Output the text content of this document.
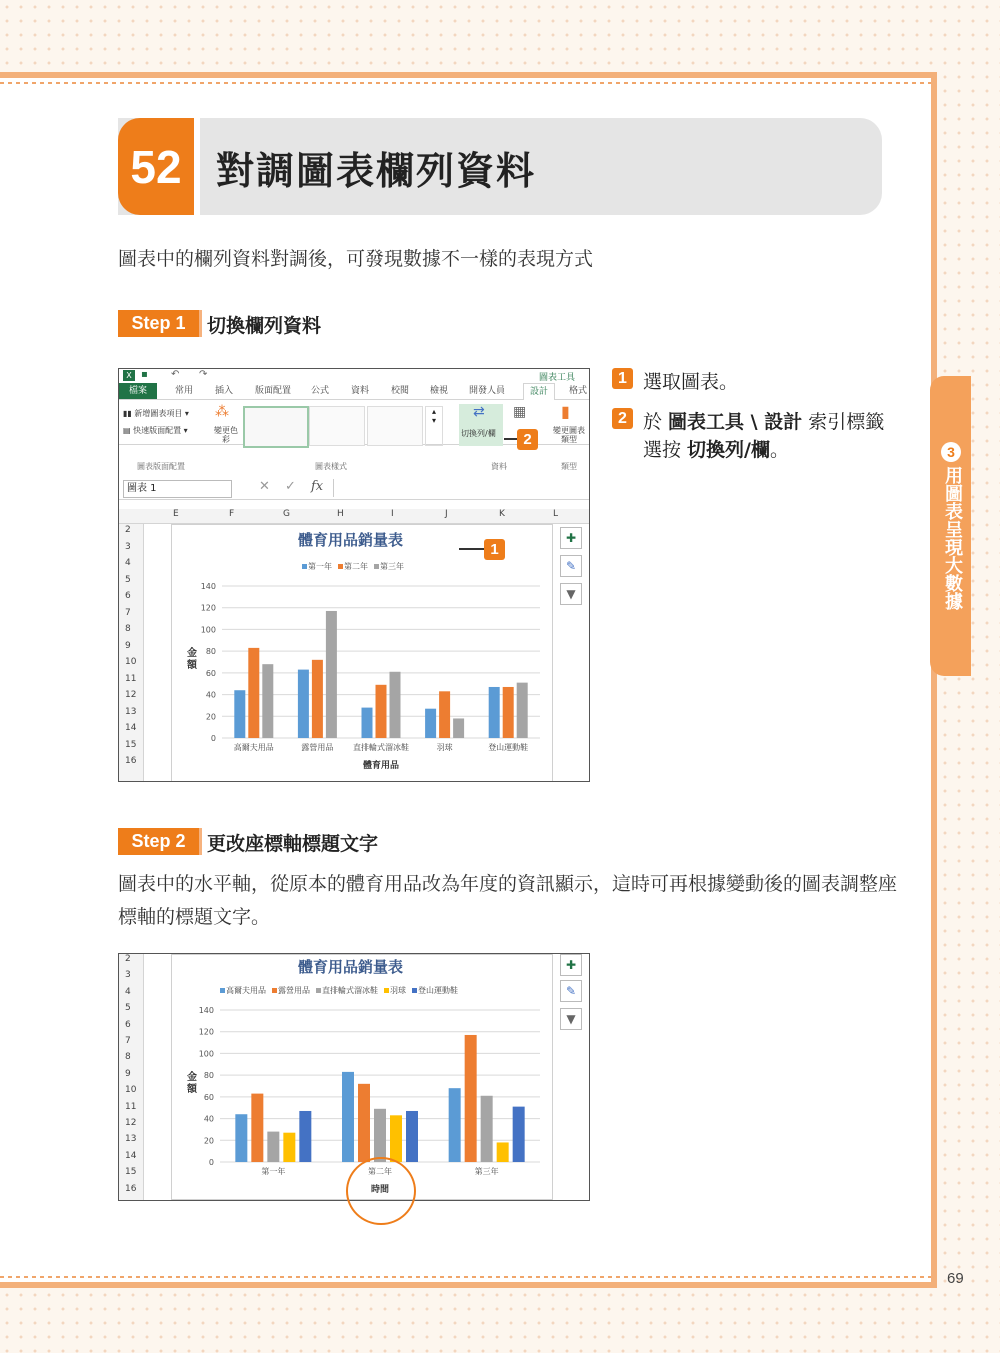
52 對調圖表欄列資料
圖表中的欄列資料對調後，可發現數據不一樣的表現方式
Step 1	切換欄列資料
X ▪ ↶ ↷	圖表工具
檔案	常用 插入 版面配置 公式 資料 校閱 檢視 開發人員	設計	格式
▮▮ 新增圖表項目 ▾
▤ 快速版面配置 ▾
⁂
變更色彩
▴
▾
⇄
切換列/欄
▦ ▮
變更圖表類型
圖表版面配置	圖表樣式	資料	類型
圖表 1	✕ ✓ fx
E	F	G	H	I	J	K	L
2
3
4
5
6
7
8
9
10
11
12
13
14
15
16
體育用品銷量表
第一年	第二年	第三年
0
20
40
60
80
100
120
140
高爾夫用品	露營用品 直排輪式溜冰鞋	羽球	登山運動鞋
體育用品
金
額
✚
✎
▼
1
2
1 選取圖表。
2 於 圖表工具 \ 設計 索引標籤選按 切換列/欄。
Step 2	更改座標軸標題文字
圖表中的水平軸，從原本的體育用品改為年度的資訊顯示，這時可再根據變動後的圖表調整座標軸的標題文字。
2
3
4
5
6
7
8
9
10
11
12
13
14
15
16
體育用品銷量表
高爾夫用品	露營用品	直排輪式溜冰鞋	羽球	登山運動鞋
0
20
40
60
80
100
120
140
第一年	第二年	第三年
時間
金
額
✚
✎
▼
3
用圖表呈現大數據
69
